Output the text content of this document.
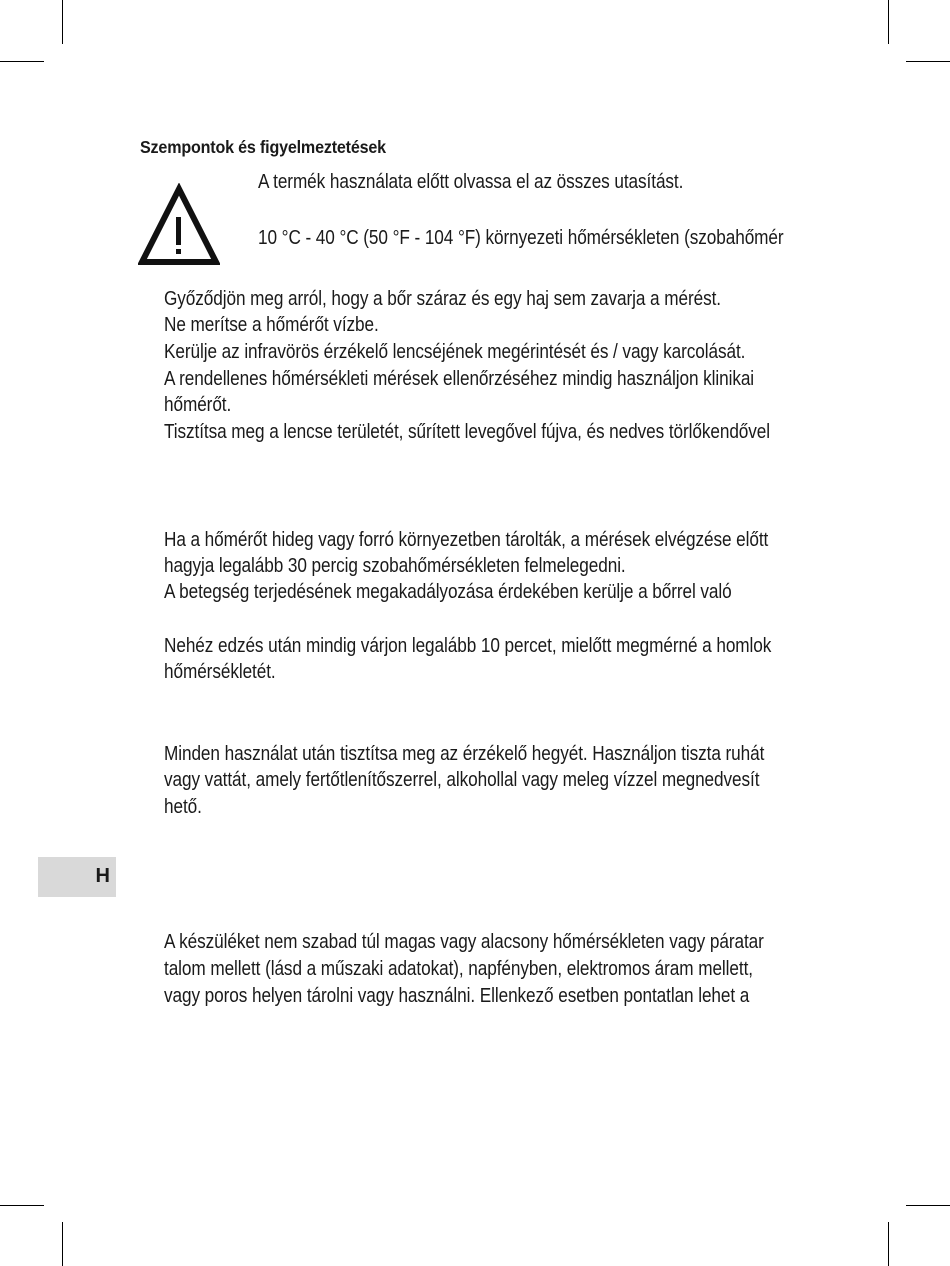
Szempontok és figyelmeztetések
A termék használata előtt olvassa el az összes utasítást.
10 °C - 40 °C (50 °F - 104 °F) környezeti hőmérsékleten (szobahőmér
Győződjön meg arról, hogy a bőr száraz és egy haj sem zavarja a mérést.
Ne merítse a hőmérőt vízbe.
Kerülje az infravörös érzékelő lencséjének megérintését és / vagy karcolását.
A rendellenes hőmérsékleti mérések ellenőrzéséhez mindig használjon klinikai
hőmérőt.
Tisztítsa meg a lencse területét, sűrített levegővel fújva, és nedves törlőkendővel
Ha a hőmérőt hideg vagy forró környezetben tárolták, a mérések elvégzése előtt
hagyja legalább 30 percig szobahőmérsékleten felmelegedni.
A betegség terjedésének megakadályozása érdekében kerülje a bőrrel való
Nehéz edzés után mindig várjon legalább 10 percet, mielőtt megmérné a homlok
hőmérsékletét.
Minden használat után tisztítsa meg az érzékelő hegyét. Használjon tiszta ruhát
vagy vattát, amely fertőtlenítőszerrel, alkohollal vagy meleg vízzel megnedvesít
hető.
H
A készüléket nem szabad túl magas vagy alacsony hőmérsékleten vagy páratar
talom mellett (lásd a műszaki adatokat), napfényben, elektromos áram mellett,
vagy poros helyen tárolni vagy használni. Ellenkező esetben pontatlan lehet a
